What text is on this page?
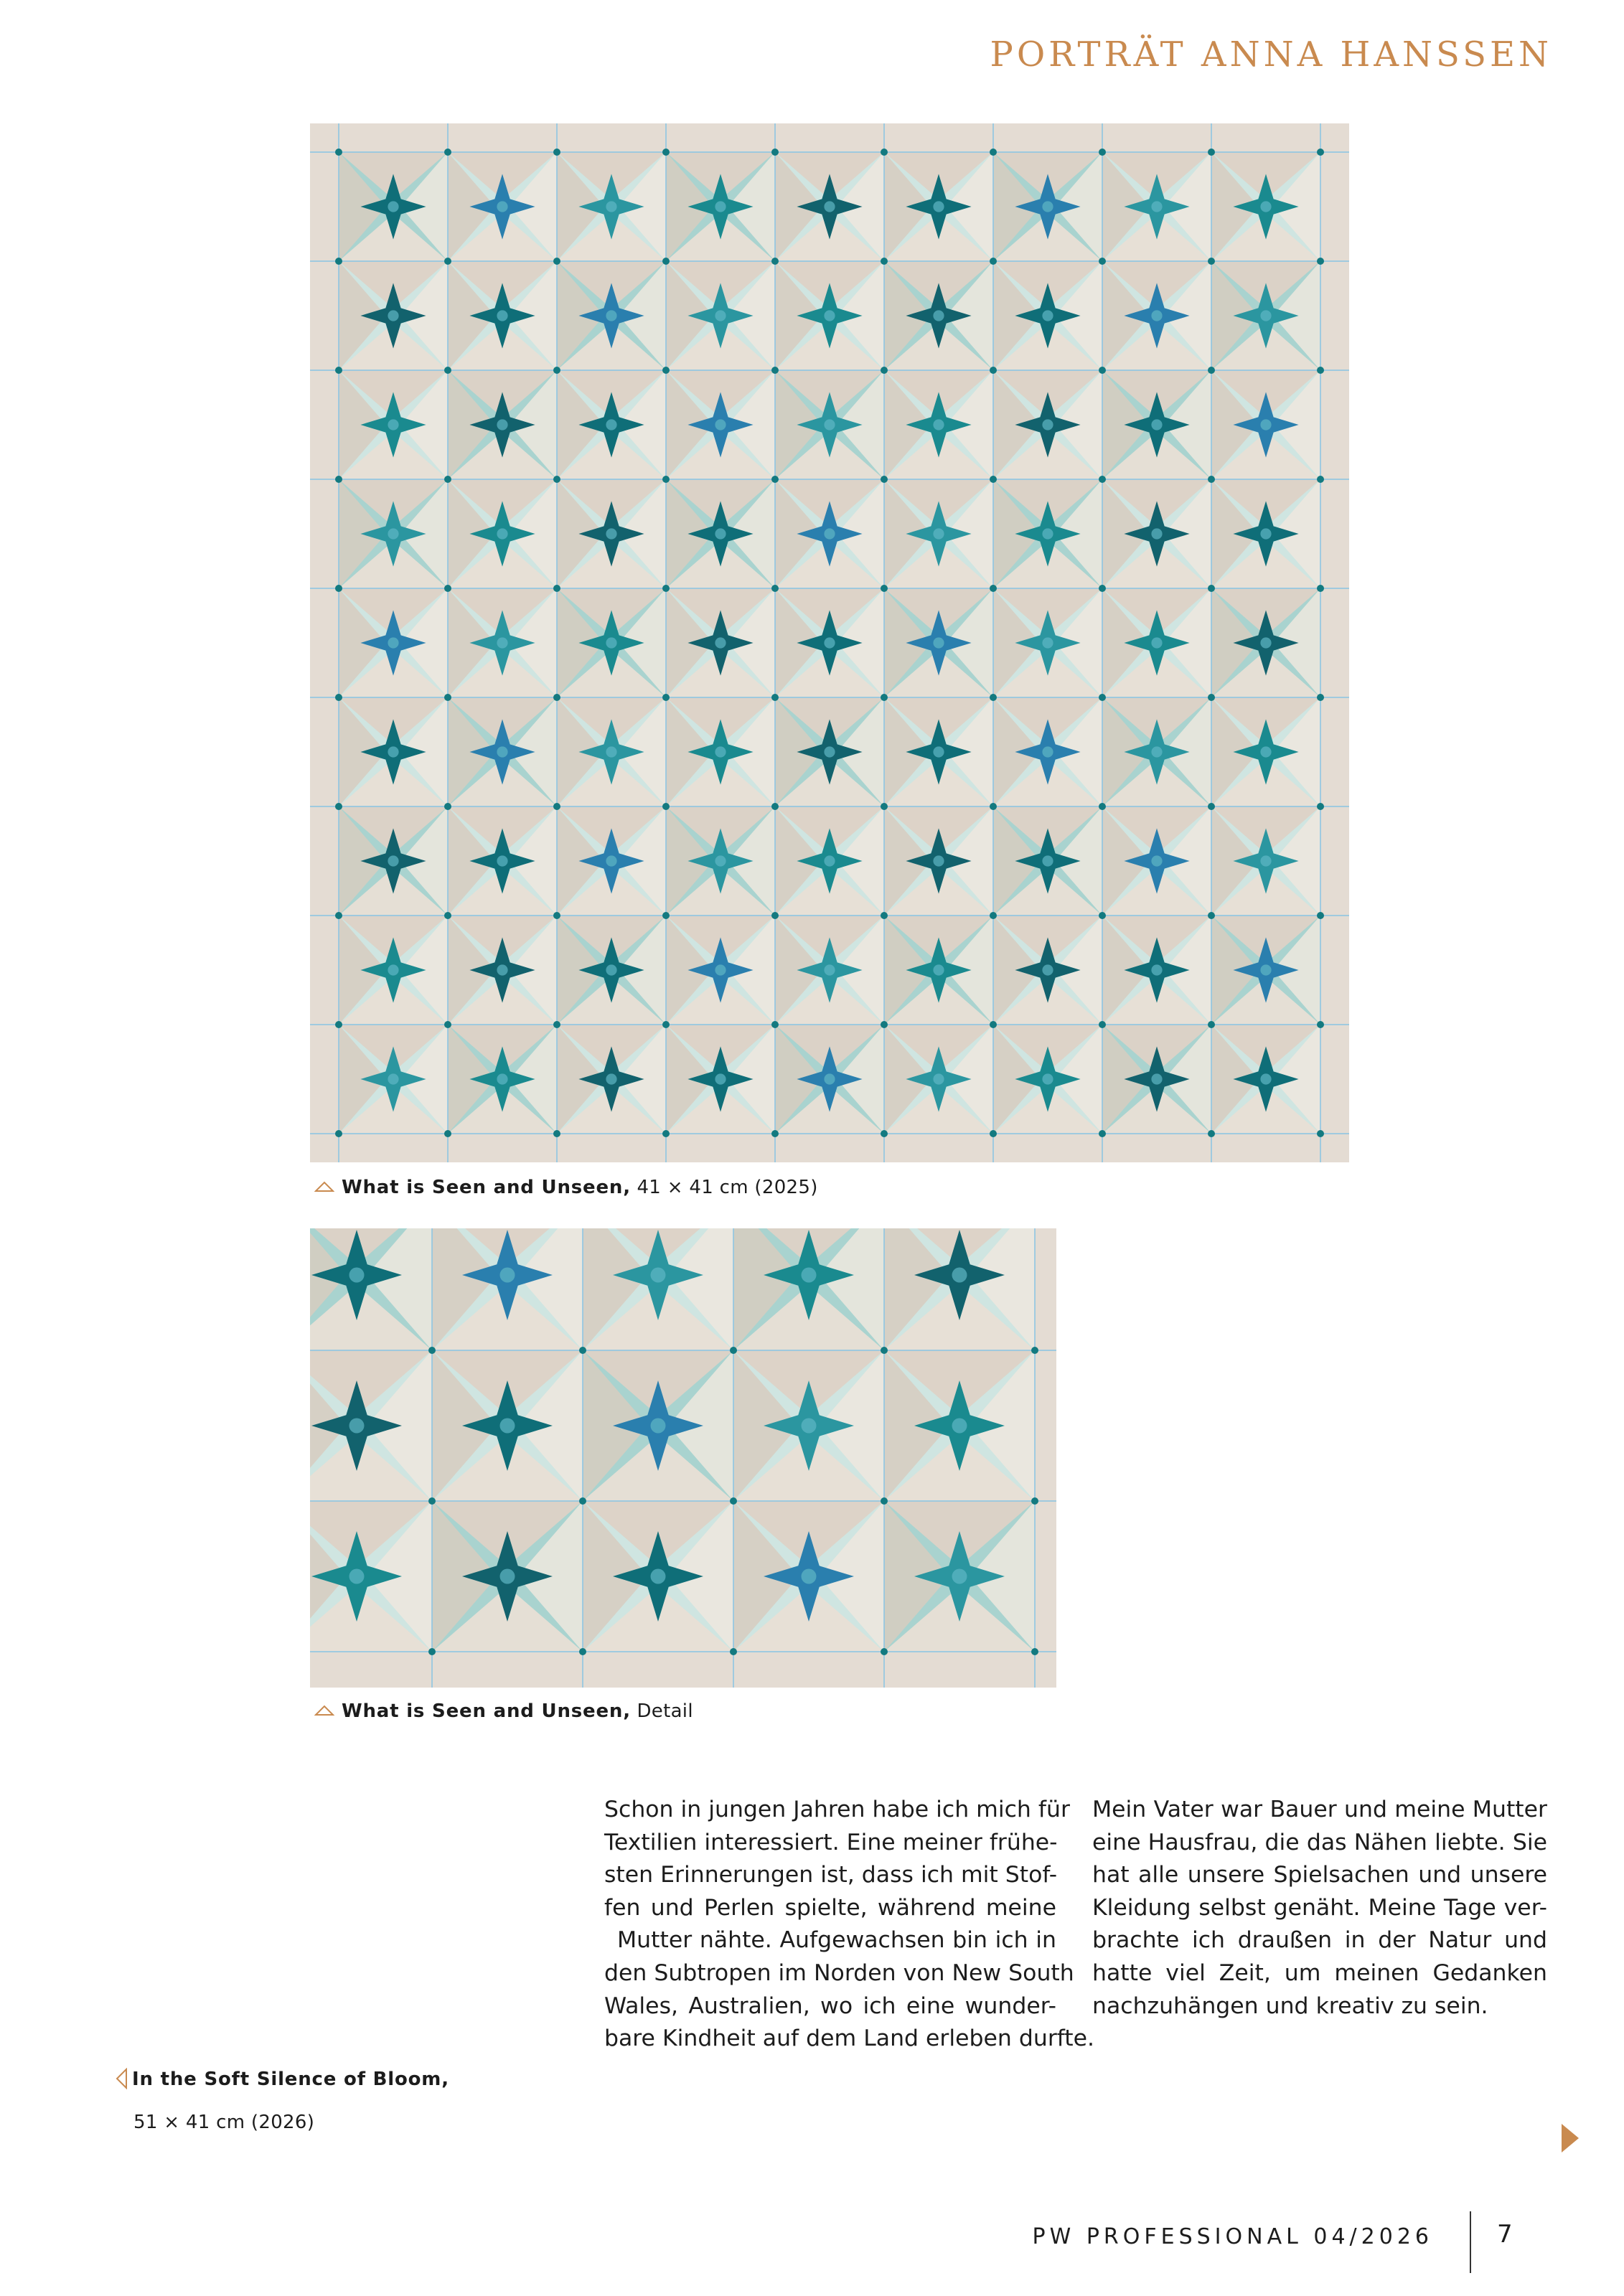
PORTRÄT ANNA HANSSEN
What is Seen and Unseen, 41 × 41 cm (2025)
What is Seen and Unseen, Detail
Schon in jungen Jahren habe ich mich für
Textilien interessiert. Eine meiner frühe-
sten Erinnerungen ist, dass ich mit Stof-
fen und Perlen spielte, während meine
Mutter nähte. Aufgewachsen bin ich in
den Subtropen im Norden von New South
Wales, Australien, wo ich eine wunder-
bare Kindheit auf dem Land erleben durfte.
Mein Vater war Bauer und meine Mutter
eine Hausfrau, die das Nähen liebte. Sie
hat alle unsere Spielsachen und unsere
Kleidung selbst genäht. Meine Tage ver-
brachte ich draußen in der Natur und
hatte viel Zeit, um meinen Gedanken
nachzuhängen und kreativ zu sein.
In the Soft Silence of Bloom,
51 × 41 cm (2026)
PW PROFESSIONAL 04/2026	7
